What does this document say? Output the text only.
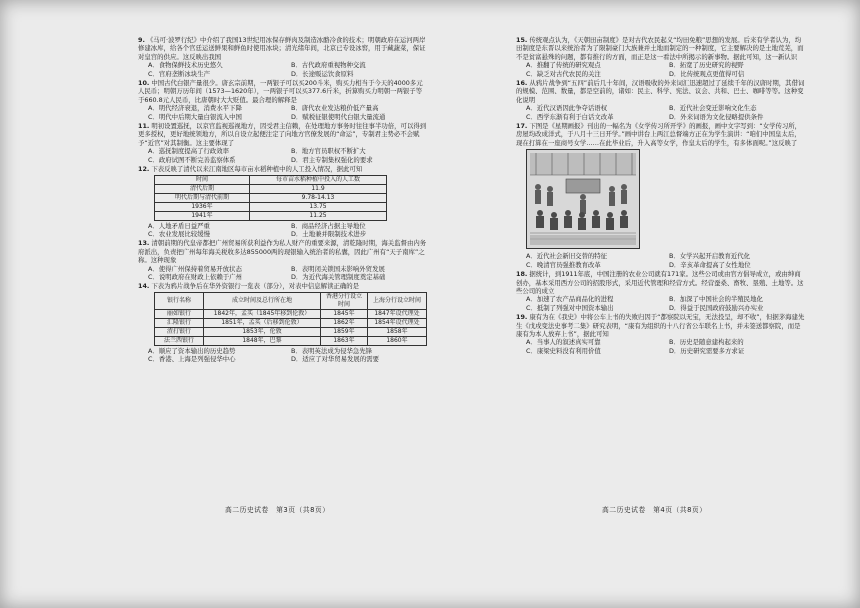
9. 《马可·波罗行纪》中介绍了我国13世纪用冰保存鲜肉及制造冰酪冷食的技术；明朝政府在运河两岸修建冰库，给各个官廷运送鲜果和鲜鱼时使用冰块；清光绪年间，北京已专设冰窖，用于藏蔬菜，保证对皇宫的供应。这反映出我国
A．食物保鲜技术历史悠久	B．古代政府重视物种交流
C．官府垄断冰块生产	D．长途贩运饮食原料
10. 中国古代白银产量很少。唐玄宗前期，一两银子可以买200斗米，购买力相当于今天的4000多元人民币；明朝万历年间（1573—1620年），一两银子可以买377.6斤米，折算购买力明朝一两银子等于660.8元人民币，比唐朝时大大贬值。最合理的解释是
A．明代经济衰退，消费水平下降	B．唐代农业发达粮价低产量高
C．明代中后期大量白银流入中国	D．赋税征银使明代白银大量流通
11. 明初设置巡抚，以京官监视巡视地方，因受君主信赖，在处理地方事务时往往事半功倍，可以得到更多授权，更好地统领地方，所以自设立起便注定了向地方官僚发展的“命运”，专制君主势必不会赋予“近官”对其制衡。这主要体现了
A．巡抚制度提高了行政效率	B．地方官员职权不断扩大
C．政府试图不断完善监察体系	D．君主专制集权强化的要求
12. 下表反映了清代以来江南地区每市亩水稻种植中的人工投入情况，据此可知
时间	每市亩水稻种植中投入的人工数
清代后期	11.9
明代后期与清代前期	9.78-14.13
1936年	13.75
1941年	11.25
A．人地矛盾日益严重	B．商品经济占据主导地位
C．农业发展比较缓慢	D．土地兼并限制技术进步
13. 清朝前期的代皇帝都把广州贸易所获利益作为私人财产的重要来源，清乾隆时期，海关监督由内务府派出，负责把广州每年海关税收多达855000两的现银输入统治者的私囊，因此广州有“天子南库”之称。这种现象
A．使得广州保持着贸易开放状态	B．表明闭关锁国未影响外贸发展
C．说明政府在财政上依赖于广州	D．为近代海关管理制度奠定基础
14. 下表为鸦片战争后在华外资银行一览表（部分），对表中信息解读正确的是
银行名称	成立时间及总行所在地	香港分行设立时间	上海分行设立时间
丽如银行	1842年，孟买（1845年移到伦敦）	1845年	1847年设代理处
汇隆银行	1851年，孟买（后移到伦敦）	1862年	1854年设代理处
渣打银行	1853年，伦敦	1859年	1858年
法兰西银行	1848年，巴黎	1863年	1860年
A．顺应了资本输出的历史趋势	B．表明英法成为侵华急先锋
C．香港、上海是列强侵华中心	D．适应了对华贸易发展的需要
高二历史试卷　第3页（共8页）
15. 传统观点认为，《天朝田亩制度》是对古代农民起义“均田免粮”思想的发展。后来有学者认为，均田制度是东晋以来统治者为了限制豪门大族兼并土地而制定的一种制度，它主要解决的是土地荒芜，而不是贫富悬殊的问题，都有推行的方面，而正是这一看法中所揭示的新事物。据此可知，这一新认识
A．推翻了传统的研究观点	B．拓宽了历史研究的视野
C．缺乏对古代农民的关注	D．比传统观点更值得可信
16. 从鸦片战争到“五四”前后几十年间，汉语吸收的外来词汇迅速超过了延续千年的汉唐时期，其借词的规模、范围、数量，都是空前的，诸如：民主、科学、宪法、议会、共和、巴士、咖啡等等。这种变化说明
A．近代汉语因此争夺话语权	B．近代社会变迁影响文化生态
C．西学东渐有利于白话文改革	D．外来词语为文化侵略提供条件
17. 下图是《星期画报》刊出的一幅名为《女学传习所开学》的画报，画中文字写到：“女学传习所，房屋均改成洋式，于八月十三日开学。”画中讲台上两江总督端方正在为学生演讲：“咱们中国皇太后，现在打算在一座商号女学……在此毕业后，升入高等女学，作皇太后的学生，有多体面呢。”这反映了
A．近代社会新旧交替的特征	B．女学兴起开启教育近代化
C．晚清官员强推教育改革	D．辛亥革命提高了女性地位
18. 据统计，到1911年底，中国注册的农业公司就有171家。这些公司或由官方倡导成立，或由绅商创办，基本采用西方公司的招股形式，采用近代管理和经营方式。经营蚕桑、畜牧、垦殖、土地等。这些公司的成立
A．加速了农产品商品化的进程	B．加深了中国社会的半殖民地化
C．抵制了列强对中国资本输出	D．得益于民国政府鼓励兴办实业
19. 康有为在《我史》中将公车上书的失败归因于“都察院以无宝，无法投呈，却不收”，但据茅海建先生《戊戌变法史事考二集》研究表明，“康有为组织的十八行省公车联名上书，并未签送都察院，而是康有为本人放弃上书”，据此可知
A．当事人的叙述真实可靠	B．历史是随意建构起来的
C．康梁史料没有利用价值	D．历史研究需要多方求证
高二历史试卷　第4页（共8页）
